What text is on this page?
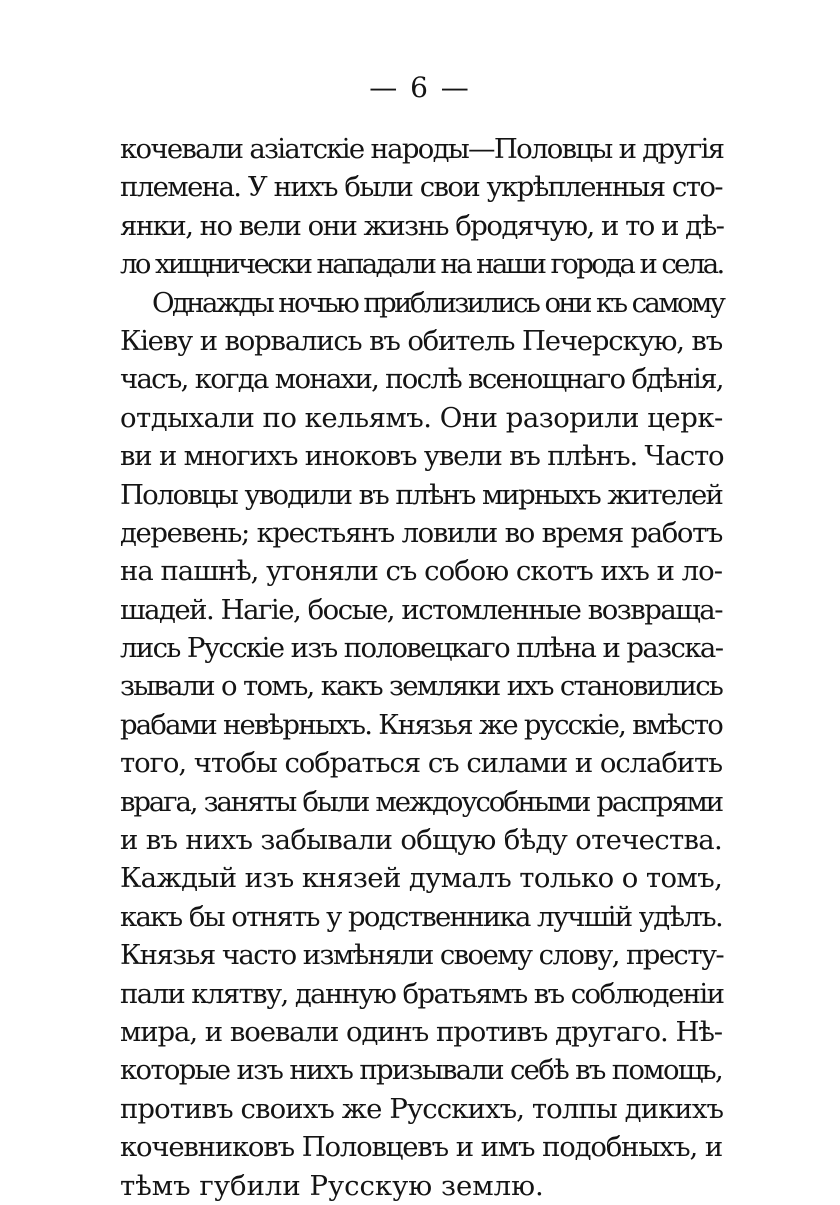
— 6 —
кочевали азіатскіе народы—Половцы и другія
племена. У нихъ были свои укрѣпленныя сто-
янки, но вели они жизнь бродячую, и то и дѣ-
ло хищнически нападали на наши города и села.
Однажды ночью приблизились они къ самому
Кіеву и ворвались въ обитель Печерскую, въ
часъ, когда монахи, послѣ всенощнаго бдѣнія,
отдыхали по кельямъ. Они разорили церк-
ви и многихъ иноковъ увели въ плѣнъ. Часто
Половцы уводили въ плѣнъ мирныхъ жителей
деревень; крестьянъ ловили во время работъ
на пашнѣ, угоняли съ собою скотъ ихъ и ло-
шадей. Нагіе, босые, истомленные возвраща-
лись Русскіе изъ половецкаго плѣна и разска-
зывали о томъ, какъ земляки ихъ становились
рабами невѣрныхъ. Князья же русскіе, вмѣсто
того, чтобы собраться съ силами и ослабить
врага, заняты были междоусобными распрями
и въ нихъ забывали общую бѣду отечества.
Каждый изъ князей думалъ только о томъ,
какъ бы отнять у родственника лучшій удѣлъ.
Князья часто измѣняли своему слову, престу-
пали клятву, данную братьямъ въ соблюденіи
мира, и воевали одинъ противъ другаго. Нѣ-
которые изъ нихъ призывали себѣ въ помощь,
противъ своихъ же Русскихъ, толпы дикихъ
кочевниковъ Половцевъ и имъ подобныхъ, и
тѣмъ губили Русскую землю.
